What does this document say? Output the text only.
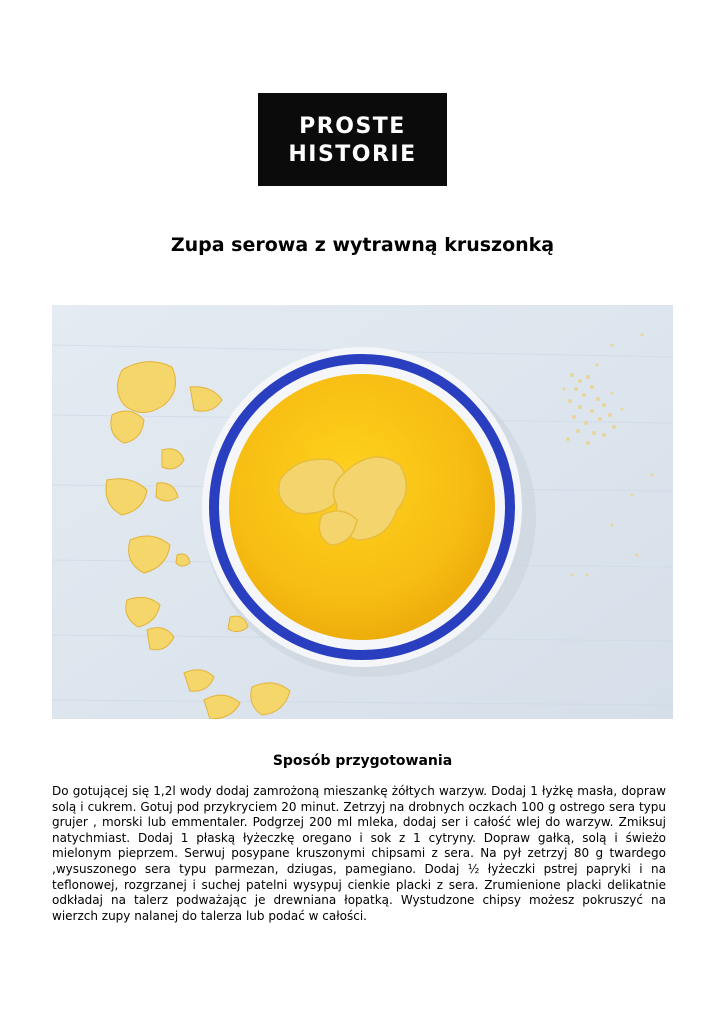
PROSTE
HISTORIE
Zupa serowa z wytrawną kruszonką
Sposób przygotowania

Do gotującej się 1,2l wody dodaj zamrożoną mieszankę żółtych warzyw. Dodaj 1 łyżkę masła, dopraw solą i cukrem. Gotuj pod przykryciem 20 minut. Zetrzyj na drobnych oczkach 100 g ostrego sera typu grujer , morski lub emmentaler. Podgrzej 200 ml mleka, dodaj ser i całość wlej do warzyw. Zmiksuj natychmiast. Dodaj 1 płaską łyżeczkę oregano i sok z 1 cytryny. Dopraw gałką, solą i świeżo mielonym pieprzem. Serwuj posypane kruszonymi chipsami z sera. Na pył zetrzyj 80 g twardego ,wysuszonego sera typu parmezan, dziugas, pamegiano. Dodaj ½ łyżeczki pstrej papryki i na teflonowej, rozgrzanej i suchej patelni wysypuj cienkie placki z sera. Zrumienione placki delikatnie odkładaj na talerz podważając je drewniana łopatką. Wystudzone chipsy możesz pokruszyć na wierzch zupy nalanej do talerza lub podać w całości.
